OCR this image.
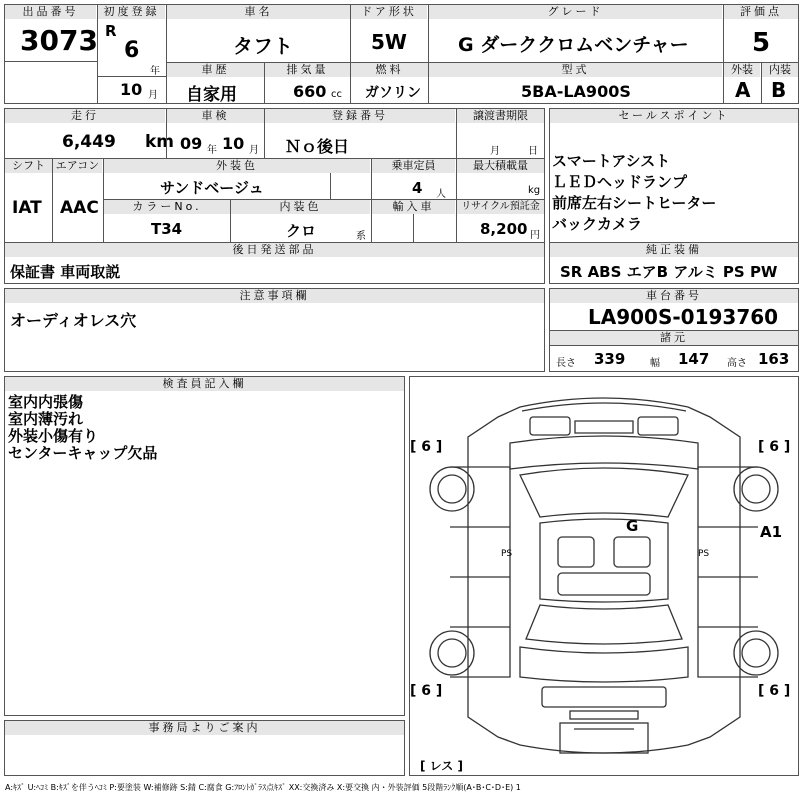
出品番号
3073
初度登録
R
6
年
10 月
車名
タフト
ドア形状
5W
グレード
G ダーククロムベンチャー
評価点
5
車歴
自家用
排気量
660 cc
燃料
ガソリン
型式
5BA-LA900S
外装	内装
A B
走行
6,449 km
車検
09 年 10 月
登録番号
Ｎｏ後日
譲渡書期限
月	日
シフト エアコン
IAT AAC
外装色
サンドベージュ
乗車定員
4 人
最大積載量
kg
カラーNo.
T34
内装色
クロ	系
輸入車	リサイクル預託金
8,200 円
後日発送部品
保証書 車両取説
セールスポイント
スマートアシスト
ＬＥＤヘッドランプ
前席左右シートヒーター
バックカメラ
純正装備
SR ABS エアB アルミ PS PW
注意事項欄
オーディオレス穴
車台番号
LA900S-0193760
諸元
長さ 339 幅 147 高さ 163
検査員記入欄
室内内張傷
室内薄汚れ
外装小傷有り
センターキャップ欠品
事務局よりご案内
[ 6 ]	[ 6 ]
[ 6 ]	[ 6 ]
G	A1
PS	PS
[ レス ]
A:ｷｽﾞ U:ﾍｺﾐ B:ｷｽﾞを伴うﾍｺﾐ P:要塗装 W:補修跡 S:錆 C:腐食 G:ﾌﾛﾝﾄｶﾞﾗｽ点ｷｽﾞ XX:交換済み X:要交換 内・外装評価 5段階ﾗﾝｸ順(A･B･C･D･E) 1
